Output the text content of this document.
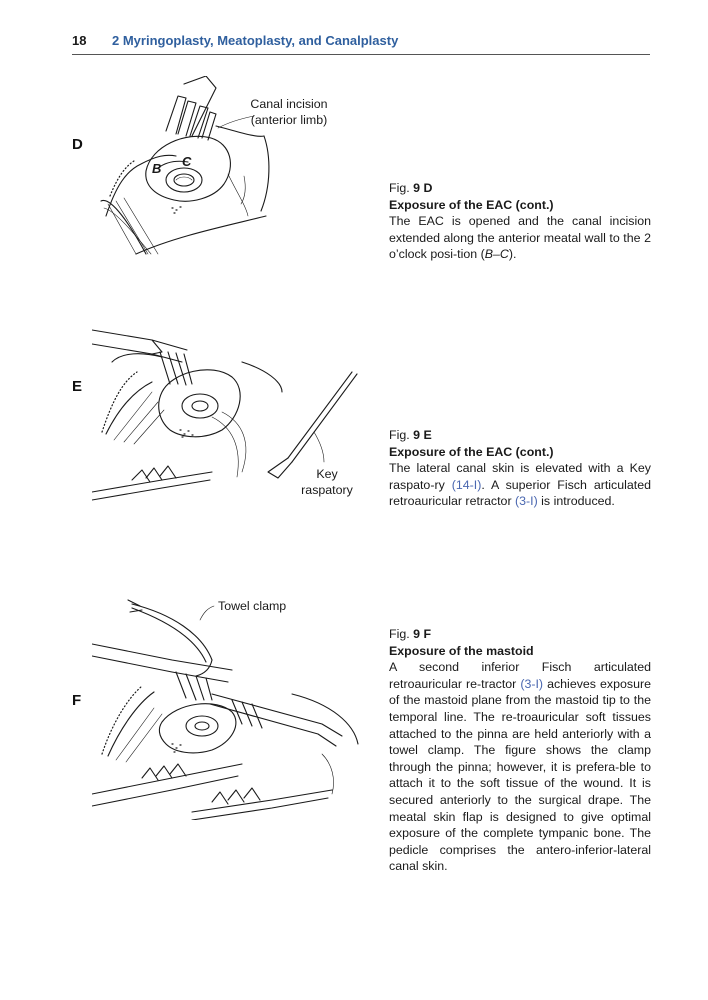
18 2 Myringoplasty, Meatoplasty, and Canalplasty
D
B C
Canal incision
(anterior limb)
Fig. 9 D
Exposure of the EAC (cont.)
The EAC is opened and the canal incision extended along the anterior meatal wall to the 2 o’clock posi-tion (B–C).
E
Key
raspatory
Fig. 9 E
Exposure of the EAC (cont.)
The lateral canal skin is elevated with a Key raspato-ry (14-I). A superior Fisch articulated retroauricular retractor (3-I) is introduced.
F
Towel clamp
Fig. 9 F
Exposure of the mastoid
A second inferior Fisch articulated retroauricular re-tractor (3-I) achieves exposure of the mastoid plane from the mastoid tip to the temporal line. The re-troauricular soft tissues attached to the pinna are held anteriorly with a towel clamp. The figure shows the clamp through the pinna; however, it is prefera-ble to attach it to the soft tissue of the wound. It is secured anteriorly to the surgical drape. The meatal skin flap is designed to give optimal exposure of the complete tympanic bone. The pedicle comprises the antero-inferior-lateral canal skin.
